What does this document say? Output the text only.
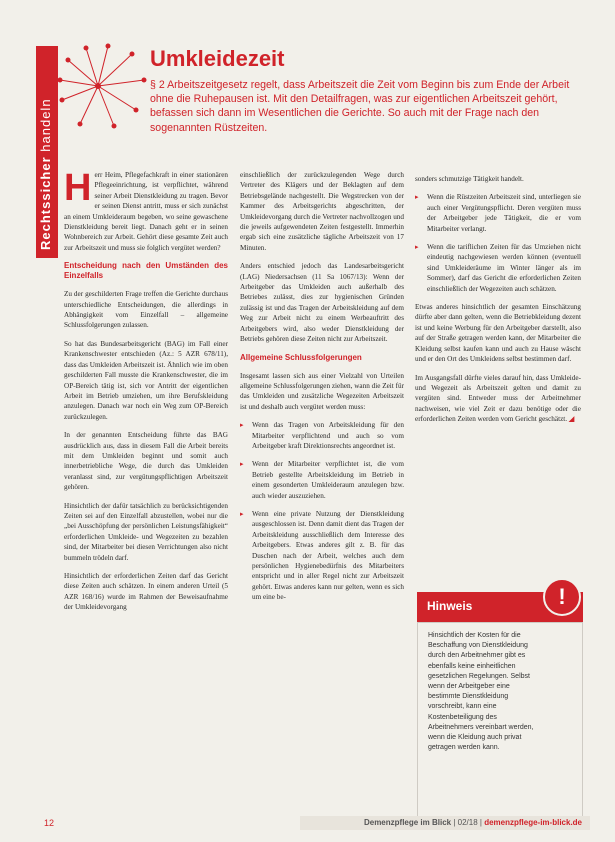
Rechtssicher handeln
Umkleidezeit

§ 2 Arbeitszeitgesetz regelt, dass Arbeitszeit die Zeit vom Beginn bis zum Ende der Arbeit ohne die Ruhepausen ist. Mit den Detailfragen, was zur eigentlichen Arbeitszeit gehört, befassen sich dann im Wesentlichen die Gerichte. So auch mit der Frage nach den sogenannten Rüstzeiten.

Herr Heim, Pflegefachkraft in einer stationären Pflegeeinrichtung, ist verpflichtet, während seiner Arbeit Dienstkleidung zu tragen. Bevor er seinen Dienst antritt, muss er sich zunächst an einem Umkleideraum begeben, wo seine gewaschene Dienstkleidung bereit liegt. Danach geht er in seinen Wohnbereich zur Arbeit. Gehört diese gesamte Zeit auch zur Arbeitszeit und muss sie folglich vergütet werden?

Entscheidung nach den Umständen des Einzelfalls

Zu der geschilderten Frage treffen die Gerichte durchaus unterschiedliche Entscheidungen, die allerdings in Abhängigkeit vom Einzelfall – allgemeine Schlussfolgerungen zulassen.

So hat das Bundesarbeitsgericht (BAG) im Fall einer Krankenschwester entschieden (Az.: 5 AZR 678/11), dass das Umkleiden Arbeitszeit ist. Ähnlich wie im oben geschilderten Fall musste die Krankenschwester, die im OP-Bereich tätig ist, sich vor Antritt der eigentlichen Arbeit im Betrieb umziehen, um ihre Berufskleidung anzulegen. Danach war noch ein Weg zum OP-Bereich zurückzulegen.

In der genannten Entscheidung führte das BAG ausdrücklich aus, dass in diesem Fall die Arbeit bereits mit dem Umkleiden beginnt und somit auch innerbetriebliche Wege, die durch das Umkleiden veranlasst sind, zur vergütungspflichtigen Arbeitszeit gehören.

Hinsichtlich der dafür tatsächlich zu berücksichtigenden Zeiten sei auf den Einzelfall abzustellen, wobei nur die „bei Ausschöpfung der persönlichen Leistungsfähigkeit“ erforderlichen Umkleide- und Wegezeiten zu bezahlen sind, der Mitarbeiter bei diesen Verrichtungen also nicht bummeln trödeln darf.

Hinsichtlich der erforderlichen Zeiten darf das Gericht diese Zeiten auch schätzen. In einem anderen Urteil (5 AZR 168/16) wurde im Rahmen der Beweisaufnahme der Umkleidevorgang

einschließlich der zurückzulegenden Wege durch Vertreter des Klägers und der Beklagten auf dem Betriebsgelände nachgestellt. Die Wegstrecken von der Kammer des Arbeitsgerichts abgeschritten, der Umkleidevorgang durch die Vertreter nachvollzogen und die jeweils aufgewendeten Zeiten festgestellt. Immerhin ergab sich eine zusätzliche tägliche Arbeitszeit von 17 Minuten.

Anders entschied jedoch das Landesarbeitsgericht (LAG) Niedersachsen (11 Sa 1067/13): Wenn der Arbeitgeber das Umkleiden auch außerhalb des Betriebes zulässt, dies zur hygienischen Gründen zulässig ist und das Tragen der Arbeitskleidung auf dem Weg zur Arbeit nicht zu einem Werbeauftritt des Arbeitgebers wird, also weder Dienstkleidung der Betriebs gehören diese Zeiten nicht zur Arbeitszeit.

Allgemeine Schlussfolgerungen

Insgesamt lassen sich aus einer Vielzahl von Urteilen allgemeine Schlussfolgerungen ziehen, wann die Zeit für das Umkleiden und zusätzliche Wegezeiten Arbeitszeit ist und deshalb auch vergütet werden muss:

▸ Wenn das Tragen von Arbeitskleidung für den Mitarbeiter verpflichtend und auch so vom Arbeitgeber kraft Direktionsrechts angeordnet ist.
▸ Wenn der Mitarbeiter verpflichtet ist, die vom Betrieb gestellte Arbeitskleidung im Betrieb in einem gesonderten Umkleideraum anzulegen bzw. auch wieder auszuziehen.
▸ Wenn eine private Nutzung der Dienstkleidung ausgeschlossen ist. Denn damit dient das Tragen der Arbeitskleidung ausschließlich dem Interesse des Arbeitgebers. Etwas anderes gilt z. B. für das Duschen nach der Arbeit, welches auch dem persönlichen Hygienebedürfnis des Mitarbeiters entspricht und in aller Regel nicht zur Arbeitszeit gehört. Etwas anderes kann nur gelten, wenn es sich um eine be-

sonders schmutzige Tätigkeit handelt.

▸ Wenn die Rüstzeiten Arbeitszeit sind, unterliegen sie auch einer Vergütungspflicht. Deren vergüten muss der Arbeitgeber jede Tätigkeit, die er vom Mitarbeiter verlangt.
▸ Wenn die tariflichen Zeiten für das Umziehen nicht eindeutig nachgewiesen werden können (eventuell sind Umkleideräume im Winter länger als im Sommer), darf das Gericht die erforderlichen Zeiten einschließlich der Wegezeiten auch schätzen.

Etwas anderes hinsichtlich der gesamten Einschätzung dürfte aber dann gelten, wenn die Betriebkleidung dezent ist und keine Werbung für den Arbeitgeber darstellt, also auf der Straße getragen werden kann, der Mitarbeiter die Kleidung selbst kaufen kann und auch zu Hause wäscht und er den Ort des Umkleidens selbst bestimmen darf.

Im Ausgangsfall dürfte vieles darauf hin, dass Umkleide- und Wegezeit als Arbeitszeit gelten und damit zu vergüten sind. Entweder muss der Arbeitnehmer nachweisen, wie viel Zeit er dazu benötige oder die erforderlichen Zeiten werden vom Gericht geschätzt. ◢

Hinweis	!
Hinsichtlich der Kosten für die Beschaffung von Dienstkleidung durch den Arbeitnehmer gibt es ebenfalls keine einheitlichen gesetzlichen Regelungen. Selbst wenn der Arbeitgeber eine bestimmte Dienstkleidung vorschreibt, kann eine Kostenbeteiligung des Arbeitnehmers vereinbart werden, wenn die Kleidung auch privat getragen werden kann.
12	Demenzpflege im Blick | 02/18 | demenzpflege-im-blick.de
